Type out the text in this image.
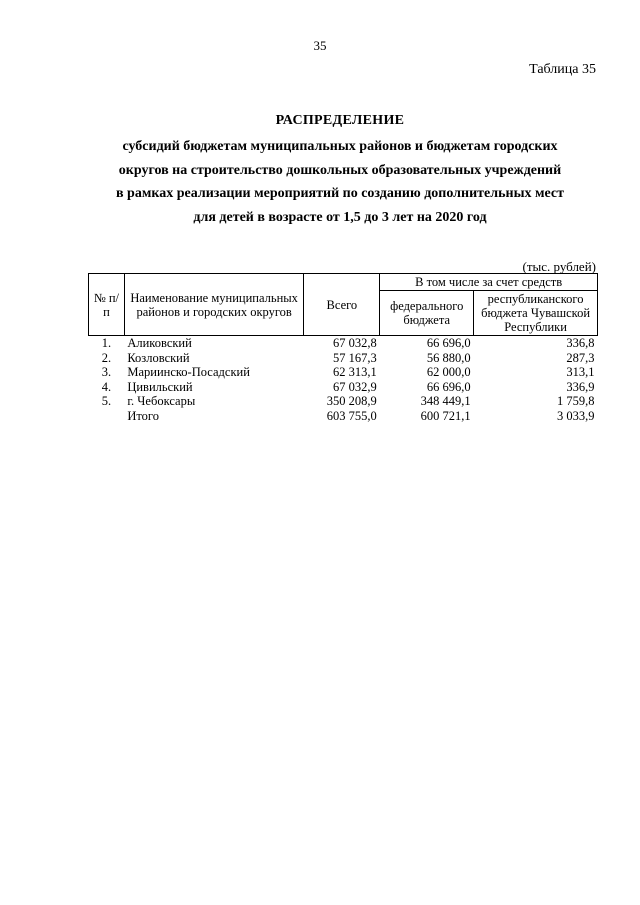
35
Таблица 35
РАСПРЕДЕЛЕНИЕ
субсидий бюджетам муниципальных районов и бюджетам городских
округов на строительство дошкольных образовательных учреждений
в рамках реализации мероприятий по созданию дополнительных мест
для детей в возрасте от 1,5 до 3 лет на 2020 год
(тыс. рублей)
№ п/п	Наименование муниципальных районов и городских округов	Всего	В том числе за счет средств	
			федерального бюджета	республиканского бюджета Чувашской Республики
1.	Аликовский	67 032,8	66 696,0	336,8
2.	Козловский	57 167,3	56 880,0	287,3
3.	Мариинско-Посадский	62 313,1	62 000,0	313,1
4.	Цивильский	67 032,9	66 696,0	336,9
5.	г. Чебоксары	350 208,9	348 449,1	1 759,8
	Итого	603 755,0	600 721,1	3 033,9
